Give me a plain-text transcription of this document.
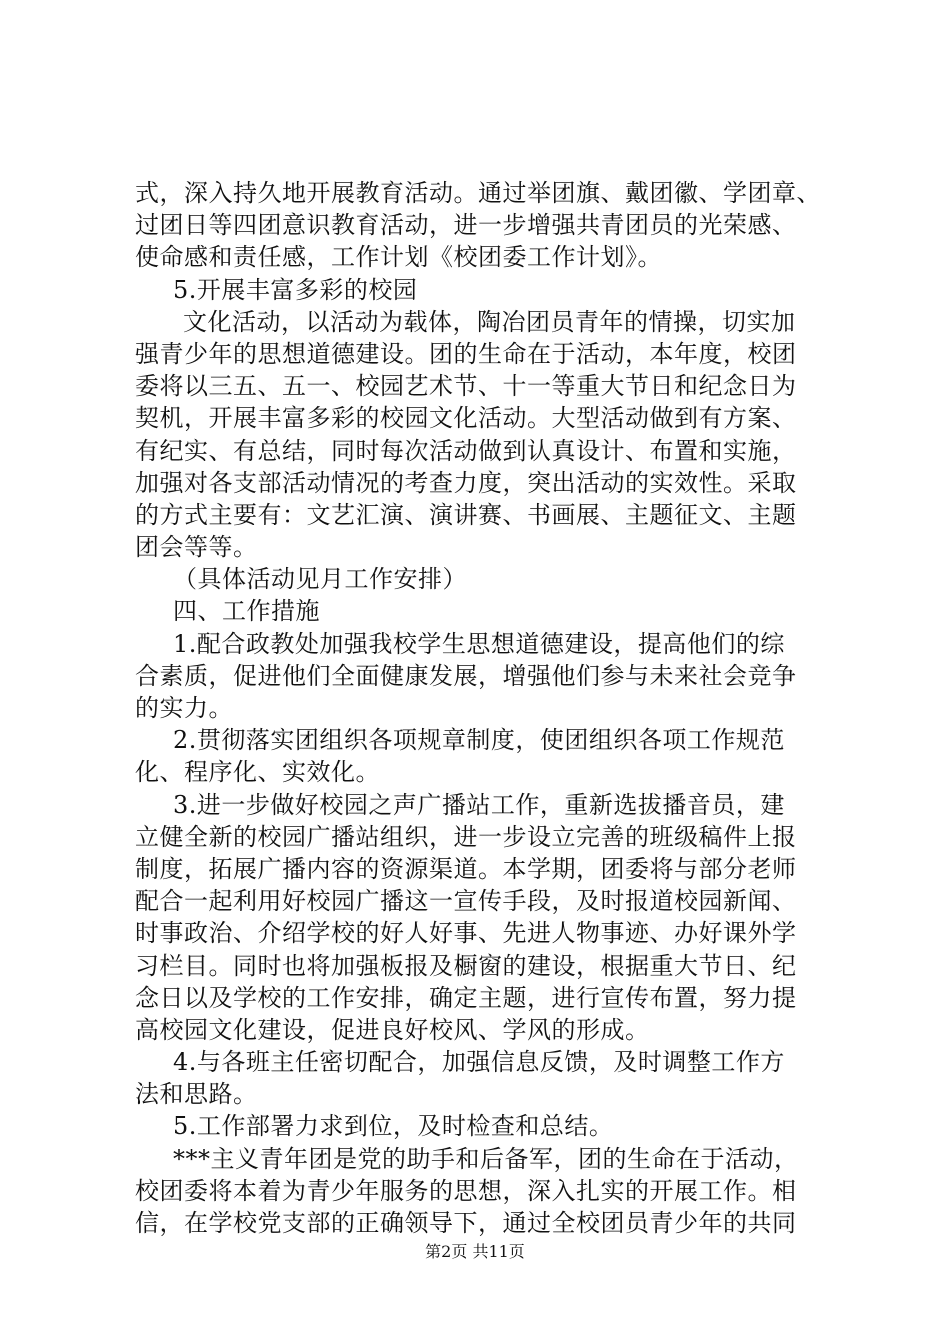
式，深入持久地开展教育活动。通过举团旗、戴团徽、学团章、
过团日等四团意识教育活动，进一步增强共青团员的光荣感、
使命感和责任感，工作计划《校团委工作计划》。
5.开展丰富多彩的校园
文化活动，以活动为载体，陶冶团员青年的情操，切实加
强青少年的思想道德建设。团的生命在于活动，本年度，校团
委将以三五、五一、校园艺术节、十一等重大节日和纪念日为
契机，开展丰富多彩的校园文化活动。大型活动做到有方案、
有纪实、有总结，同时每次活动做到认真设计、布置和实施，
加强对各支部活动情况的考查力度，突出活动的实效性。采取
的方式主要有：文艺汇演、演讲赛、书画展、主题征文、主题
团会等等。
（具体活动见月工作安排）
四、工作措施
1.配合政教处加强我校学生思想道德建设，提高他们的综
合素质，促进他们全面健康发展，增强他们参与未来社会竞争
的实力。
2.贯彻落实团组织各项规章制度，使团组织各项工作规范
化、程序化、实效化。
3.进一步做好校园之声广播站工作，重新选拔播音员，建
立健全新的校园广播站组织，进一步设立完善的班级稿件上报
制度，拓展广播内容的资源渠道。本学期，团委将与部分老师
配合一起利用好校园广播这一宣传手段，及时报道校园新闻、
时事政治、介绍学校的好人好事、先进人物事迹、办好课外学
习栏目。同时也将加强板报及橱窗的建设，根据重大节日、纪
念日以及学校的工作安排，确定主题，进行宣传布置，努力提
高校园文化建设，促进良好校风、学风的形成。
4.与各班主任密切配合，加强信息反馈，及时调整工作方
法和思路。
5.工作部署力求到位，及时检查和总结。
***主义青年团是党的助手和后备军，团的生命在于活动，
校团委将本着为青少年服务的思想，深入扎实的开展工作。相
信，在学校党支部的正确领导下，通过全校团员青少年的共同
第2页 共11页
